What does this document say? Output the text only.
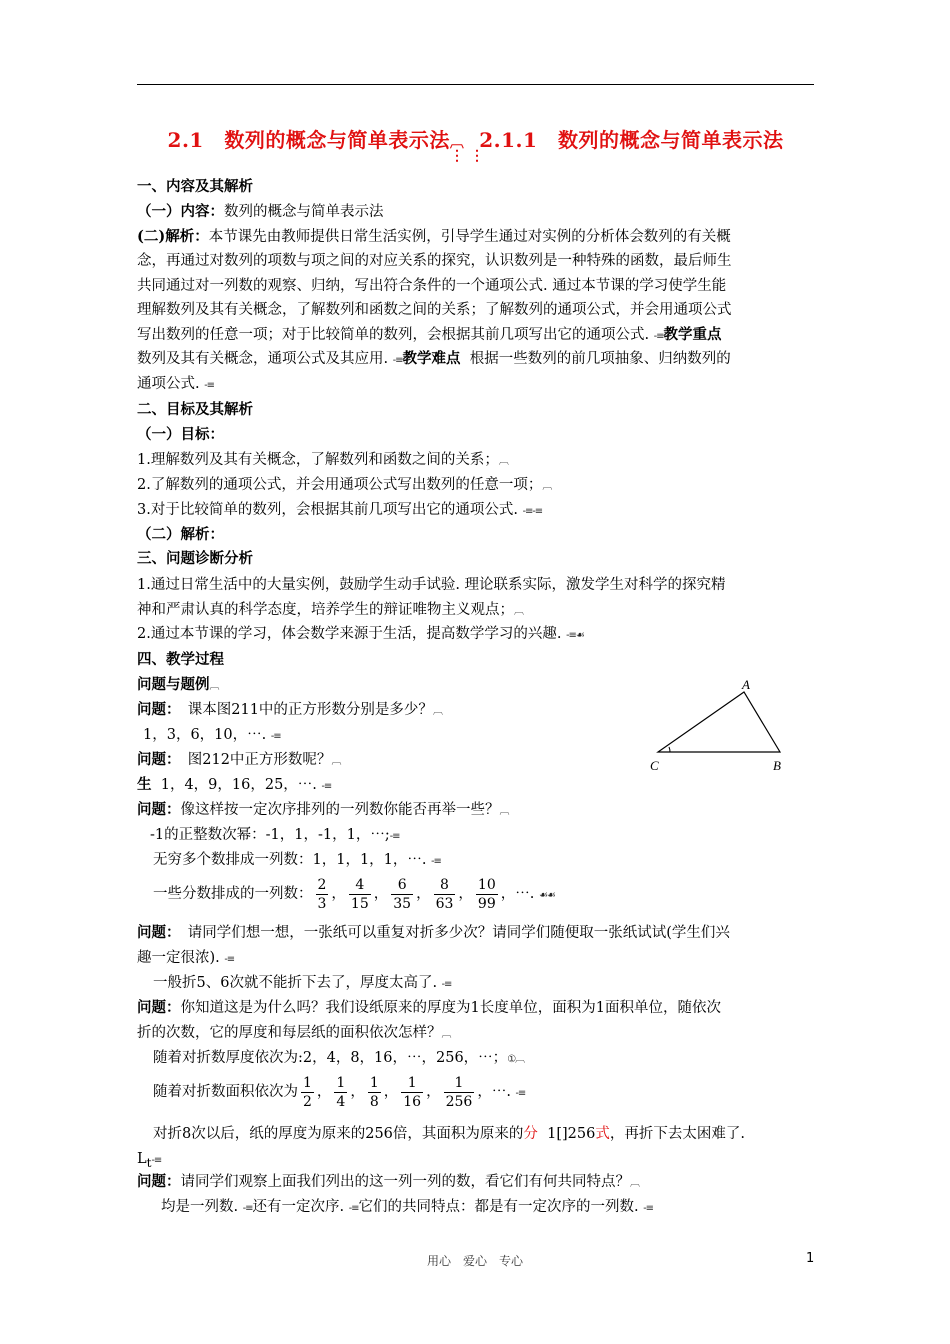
2.1　数列的概念与简单表示法︹ 2.1.1　数列的概念与简单表示法
⋮⋮
一、内容及其解析
（一）内容：数列的概念与简单表示法
(二)解析：本节课先由教师提供日常生活实例，引导学生通过对实例的分析体会数列的有关概
念，再通过对数列的项数与项之间的对应关系的探究，认识数列是一种特殊的函数，最后师生
共同通过对一列数的观察、归纳，写出符合条件的一个通项公式. 通过本节课的学习使学生能
理解数列及其有关概念，了解数列和函数之间的关系；了解数列的通项公式，并会用通项公式
写出数列的任意一项；对于比较简单的数列，会根据其前几项写出它的通项公式. -≡教学重点
数列及其有关概念，通项公式及其应用. -≡教学难点 根据一些数列的前几项抽象、归纳数列的
通项公式. -≡
二、目标及其解析
（一）目标：
1.理解数列及其有关概念，了解数列和函数之间的关系；︹
2.了解数列的通项公式，并会用通项公式写出数列的任意一项；︹
3.对于比较简单的数列，会根据其前几项写出它的通项公式. -≡-≡
（二）解析：
三、问题诊断分析
1.通过日常生活中的大量实例，鼓励学生动手试验. 理论联系实际，激发学生对科学的探究精
神和严肃认真的科学态度，培养学生的辩证唯物主义观点；︹
2.通过本节课的学习，体会数学来源于生活，提高数学学习的兴趣. -≡☙
四、教学过程
问题与题例︹
问题：　课本图211中的正方形数分别是多少？︹
1，3，6，10，⋯. -≡
问题：　图212中正方形数呢？︹
生 1，4，9，16，25，⋯. -≡
问题：像这样按一定次序排列的一列数你能否再举一些？︹
-1的正整数次幂：-1，1，-1，1，⋯;-≡
无穷多个数排成一列数：1，1，1，1，⋯. -≡
一些分数排成的一列数： $\frac{2}{3}$ ， $\frac{4}{15}$ ， $\frac{6}{35}$ ， $\frac{8}{63}$ ， $\frac{10}{99}$ ，⋯. ☙☙
问题：　请同学们想一想，一张纸可以重复对折多少次？请同学们随便取一张纸试试(学生们兴
趣一定很浓). -≡
一般折5、6次就不能折下去了，厚度太高了. -≡
问题：你知道这是为什么吗？我们设纸原来的厚度为1长度单位，面积为1面积单位，随依次
折的次数，它的厚度和每层纸的面积依次怎样？︹
随着对折数厚度依次为:2，4，8，16，⋯，256，⋯；①︹
随着对折数面积依次为 $\frac{1}{2}$ ， $\frac{1}{4}$ ， $\frac{1}{8}$ ， $\frac{1}{16}$ ， $\frac{1}{256}$ ，⋯. -≡
对折8次以后，纸的厚度为原来的256倍，其面积为原来的分 1[]256式，再折下去太困难了.
$L_t-\equiv$
问题：请同学们观察上面我们列出的这一列一列的数，看它们有何共同特点？︹
均是一列数. -≡还有一定次序. -≡它们的共同特点：都是有一定次序的一列数. -≡
A
C	B
用心　爱心　专心	1
